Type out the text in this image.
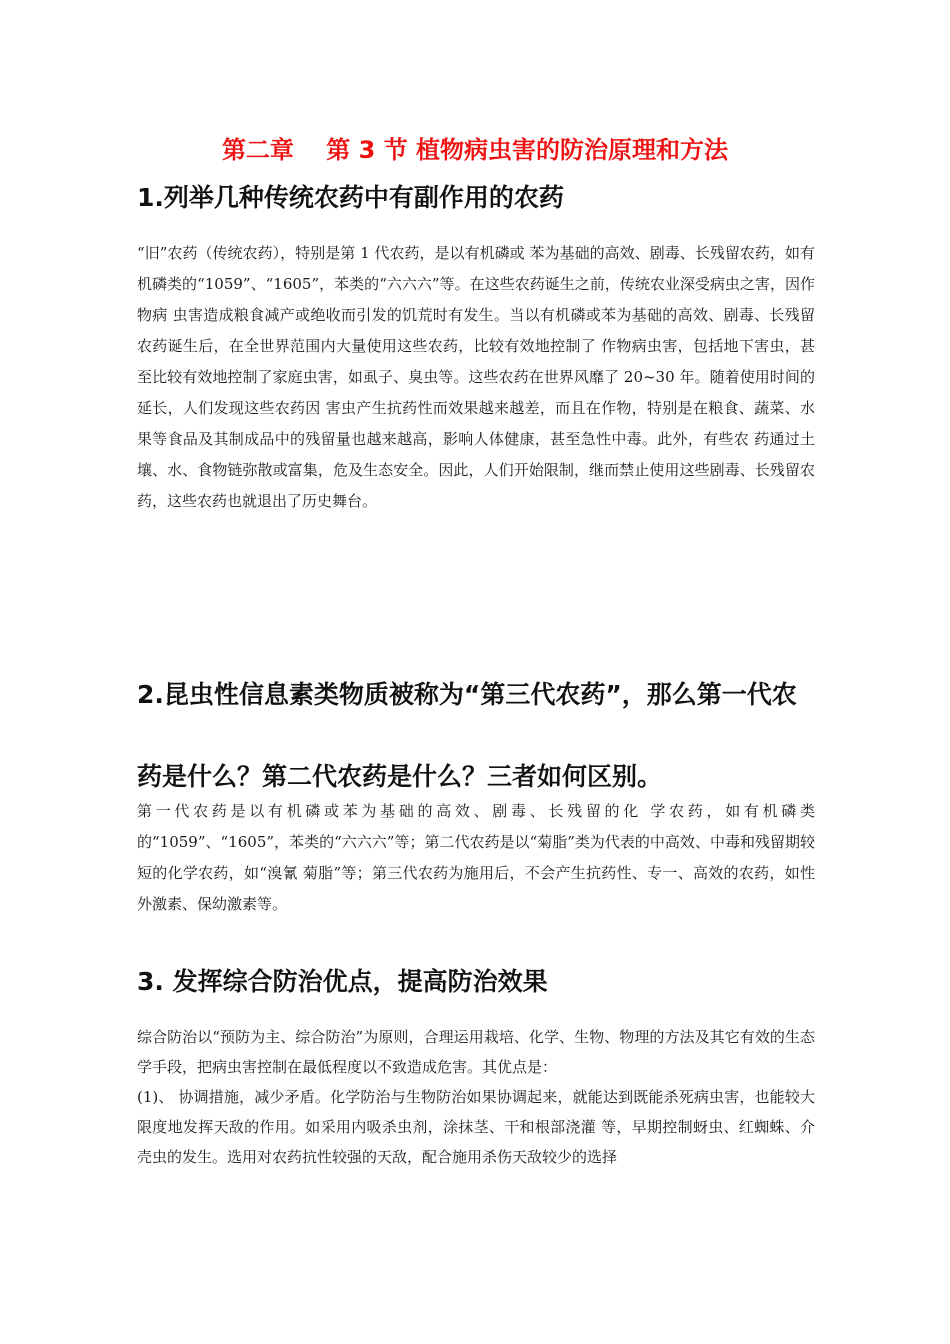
第二章　 第 3 节 植物病虫害的防治原理和方法
1.列举几种传统农药中有副作用的农药

“旧”农药（传统农药），特别是第 1 代农药，是以有机磷或 苯为基础的高效、剧毒、长残留农药，如有机磷类的“1059”、“1605”，苯类的“六六六”等。在这些农药诞生之前，传统农业深受病虫之害，因作物病 虫害造成粮食减产或绝收而引发的饥荒时有发生。当以有机磷或苯为基础的高效、剧毒、长残留农药诞生后，在全世界范围内大量使用这些农药，比较有效地控制了 作物病虫害，包括地下害虫，甚至比较有效地控制了家庭虫害，如虱子、臭虫等。这些农药在世界风靡了 20~30 年。随着使用时间的延长，人们发现这些农药因 害虫产生抗药性而效果越来越差，而且在作物，特别是在粮食、蔬菜、水果等食品及其制成品中的残留量也越来越高，影响人体健康，甚至急性中毒。此外，有些农 药通过土壤、水、食物链弥散或富集，危及生态安全。因此，人们开始限制，继而禁止使用这些剧毒、长残留农药，这些农药也就退出了历史舞台。

2.昆虫性信息素类物质被称为“第三代农药”，那么第一代农药是什么？第二代农药是什么？三者如何区别。

第一代农药是以有机磷或苯为基础的高效、剧毒、长残留的化 学农药，如有机磷类的“1059”、“1605”，苯类的“六六六”等；第二代农药是以“菊脂”类为代表的中高效、中毒和残留期较短的化学农药，如“溴氰 菊脂”等；第三代农药为施用后，不会产生抗药性、专一、高效的农药，如性外激素、保幼激素等。

3. 发挥综合防治优点，提高防治效果
综合防治以“预防为主、综合防治”为原则，合理运用栽培、化学、生物、物理的方法及其它有效的生态学手段，把病虫害控制在最低程度以不致造成危害。其优点是：
(1)、 协调措施，减少矛盾。化学防治与生物防治如果协调起来，就能达到既能杀死病虫害，也能较大限度地发挥天敌的作用。如采用内吸杀虫剂，涂抹茎、干和根部浇灌 等，早期控制蚜虫、红蜘蛛、介壳虫的发生。选用对农药抗性较强的天敌，配合施用杀伤天敌较少的选择
